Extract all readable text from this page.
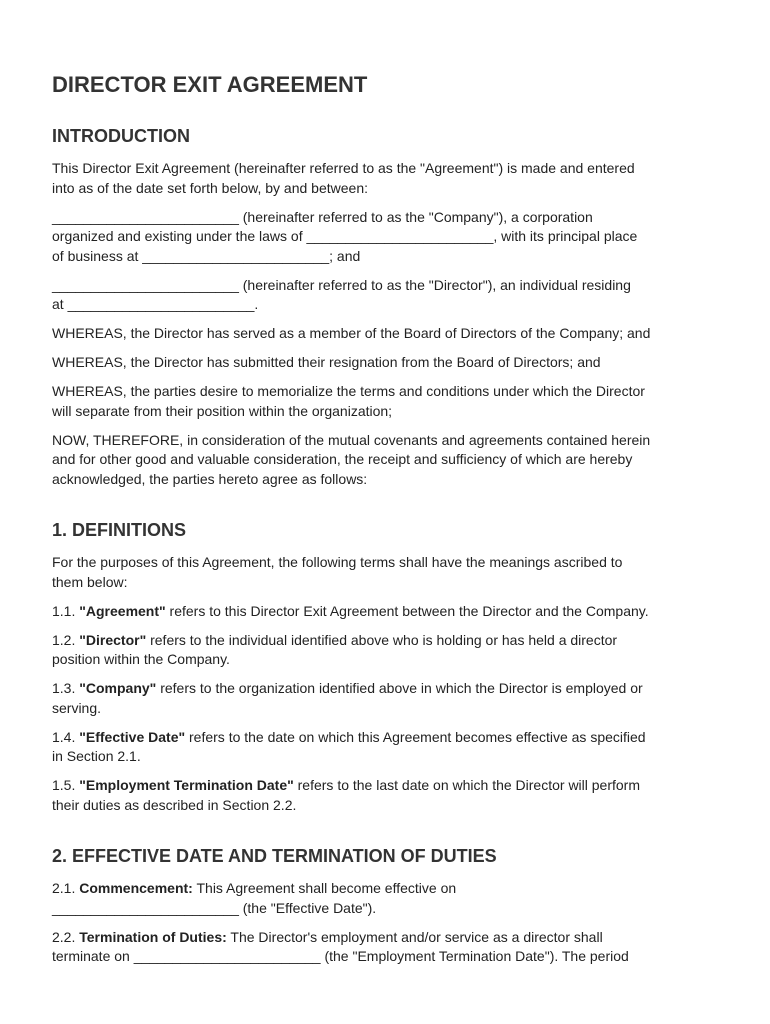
DIRECTOR EXIT AGREEMENT
INTRODUCTION

This Director Exit Agreement (hereinafter referred to as the "Agreement") is made and entered
into as of the date set forth below, by and between:

________________________ (hereinafter referred to as the "Company"), a corporation
organized and existing under the laws of ________________________, with its principal place
of business at ________________________; and

________________________ (hereinafter referred to as the "Director"), an individual residing
at ________________________.

WHEREAS, the Director has served as a member of the Board of Directors of the Company; and

WHEREAS, the Director has submitted their resignation from the Board of Directors; and

WHEREAS, the parties desire to memorialize the terms and conditions under which the Director
will separate from their position within the organization;

NOW, THEREFORE, in consideration of the mutual covenants and agreements contained herein
and for other good and valuable consideration, the receipt and sufficiency of which are hereby
acknowledged, the parties hereto agree as follows:

1. DEFINITIONS

For the purposes of this Agreement, the following terms shall have the meanings ascribed to
them below:

1.1. "Agreement" refers to this Director Exit Agreement between the Director and the Company.

1.2. "Director" refers to the individual identified above who is holding or has held a director
position within the Company.

1.3. "Company" refers to the organization identified above in which the Director is employed or
serving.

1.4. "Effective Date" refers to the date on which this Agreement becomes effective as specified
in Section 2.1.

1.5. "Employment Termination Date" refers to the last date on which the Director will perform
their duties as described in Section 2.2.

2. EFFECTIVE DATE AND TERMINATION OF DUTIES

2.1. Commencement: This Agreement shall become effective on
________________________ (the "Effective Date").

2.2. Termination of Duties: The Director's employment and/or service as a director shall
terminate on ________________________ (the "Employment Termination Date"). The period
